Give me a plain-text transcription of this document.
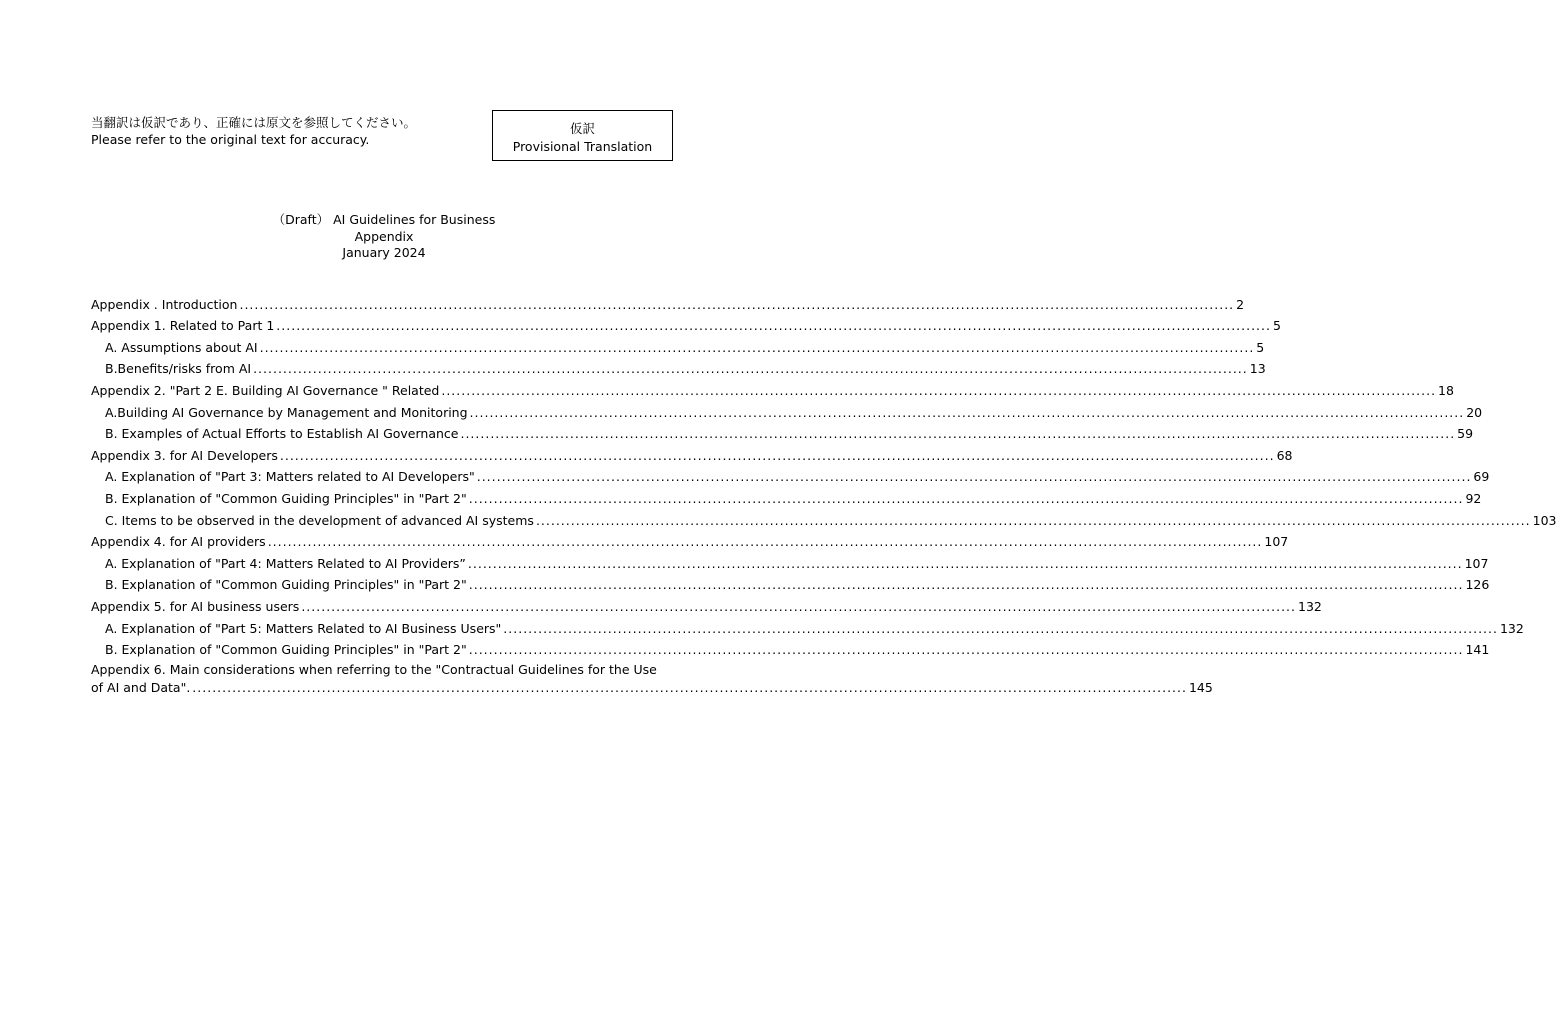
当翻訳は仮訳であり、正確には原文を参照してください。
Please refer to the original text for accuracy.
仮訳
Provisional Translation
（Draft） AI Guidelines for Business
Appendix
January 2024
Appendix . Introduction ........................................................................................................................................................................................................ 2
Appendix 1. Related to Part 1 ........................................................................................................................................................................................................ 5
A. Assumptions about AI ........................................................................................................................................................................................................ 5
B.Benefits/risks from AI ........................................................................................................................................................................................................ 13
Appendix 2. "Part 2 E. Building AI Governance " Related ........................................................................................................................................................................................................ 18
A.Building AI Governance by Management and Monitoring ........................................................................................................................................................................................................ 20
B. Examples of Actual Efforts to Establish AI Governance ........................................................................................................................................................................................................ 59
Appendix 3. for AI Developers ........................................................................................................................................................................................................ 68
A. Explanation of "Part 3: Matters related to AI Developers" ........................................................................................................................................................................................................ 69
B. Explanation of "Common Guiding Principles" in "Part 2" ........................................................................................................................................................................................................ 92
C. Items to be observed in the development of advanced AI systems ........................................................................................................................................................................................................ 103
Appendix 4. for AI providers ........................................................................................................................................................................................................ 107
A. Explanation of "Part 4: Matters Related to AI Providers” ........................................................................................................................................................................................................ 107
B. Explanation of "Common Guiding Principles" in "Part 2" ........................................................................................................................................................................................................ 126
Appendix 5. for AI business users ........................................................................................................................................................................................................ 132
A. Explanation of "Part 5: Matters Related to AI Business Users" ........................................................................................................................................................................................................ 132
B. Explanation of "Common Guiding Principles" in "Part 2" ........................................................................................................................................................................................................ 141
Appendix 6. Main considerations when referring to the "Contractual Guidelines for the Use
of AI and Data". ........................................................................................................................................................................................................ 145
